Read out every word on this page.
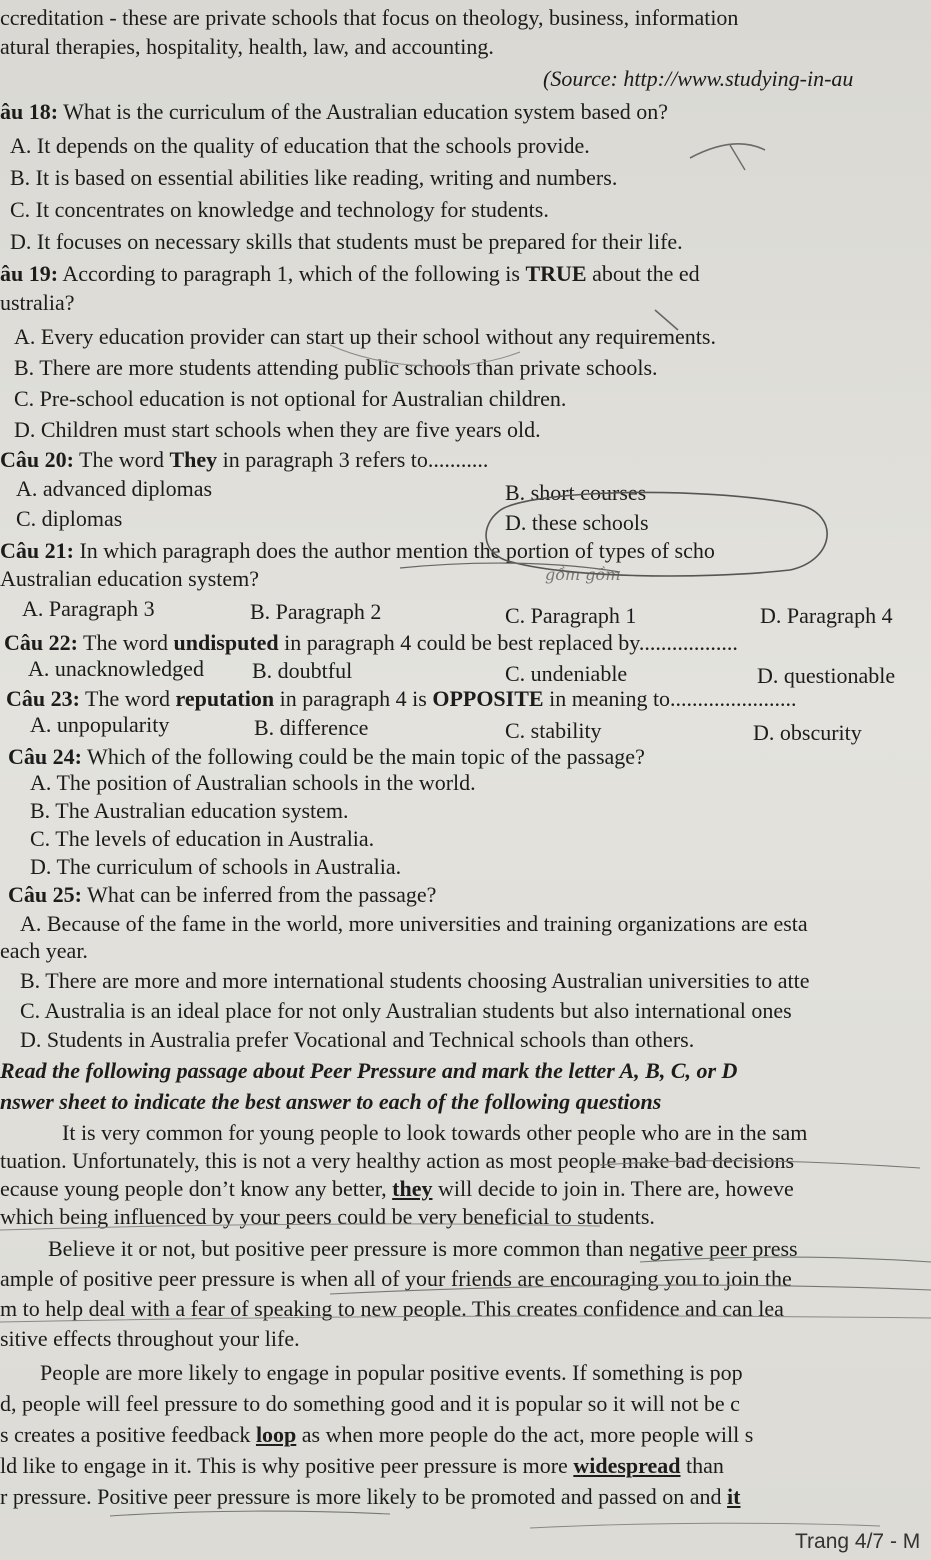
ccreditation - these are private schools that focus on theology, business, information
atural therapies, hospitality, health, law, and accounting.
(Source: http://www.studying-in-au
âu 18: What is the curriculum of the Australian education system based on?
A. It depends on the quality of education that the schools provide.
B. It is based on essential abilities like reading, writing and numbers.
C. It concentrates on knowledge and technology for students.
D. It focuses on necessary skills that students must be prepared for their life.
âu 19: According to paragraph 1, which of the following is TRUE about the ed
ustralia?
A. Every education provider can start up their school without any requirements.
B. There are more students attending public schools than private schools.
C. Pre-school education is not optional for Australian children.
D. Children must start schools when they are five years old.
Câu 20: The word They in paragraph 3 refers to...........
A. advanced diplomas	B. short courses
C. diplomas	D. these schools
Câu 21: In which paragraph does the author mention the portion of types of scho
Australian education system?
A. Paragraph 3	B. Paragraph 2	C. Paragraph 1	D. Paragraph 4
Câu 22: The word undisputed in paragraph 4 could be best replaced by..................
A. unacknowledged B. doubtful	C. undeniable	D. questionable
Câu 23: The word reputation in paragraph 4 is OPPOSITE in meaning to.......................
A. unpopularity	B. difference	C. stability	D. obscurity
Câu 24: Which of the following could be the main topic of the passage?
A. The position of Australian schools in the world.
B. The Australian education system.
C. The levels of education in Australia.
D. The curriculum of schools in Australia.
Câu 25: What can be inferred from the passage?
A. Because of the fame in the world, more universities and training organizations are esta
each year.
B. There are more and more international students choosing Australian universities to atte
C. Australia is an ideal place for not only Australian students but also international ones
D. Students in Australia prefer Vocational and Technical schools than others.
Read the following passage about Peer Pressure and mark the letter A, B, C, or D
nswer sheet to indicate the best answer to each of the following questions
It is very common for young people to look towards other people who are in the sam
tuation. Unfortunately, this is not a very healthy action as most people make bad decisions
ecause young people don’t know any better, they will decide to join in. There are, howeve
which being influenced by your peers could be very beneficial to students.
Believe it or not, but positive peer pressure is more common than negative peer press
ample of positive peer pressure is when all of your friends are encouraging you to join the
m to help deal with a fear of speaking to new people. This creates confidence and can lea
sitive effects throughout your life.
People are more likely to engage in popular positive events. If something is pop
d, people will feel pressure to do something good and it is popular so it will not be c
s creates a positive feedback loop as when more people do the act, more people will s
ld like to engage in it. This is why positive peer pressure is more widespread than
r pressure. Positive peer pressure is more likely to be promoted and passed on and it
gồm gồm
Trang 4/7 - M
